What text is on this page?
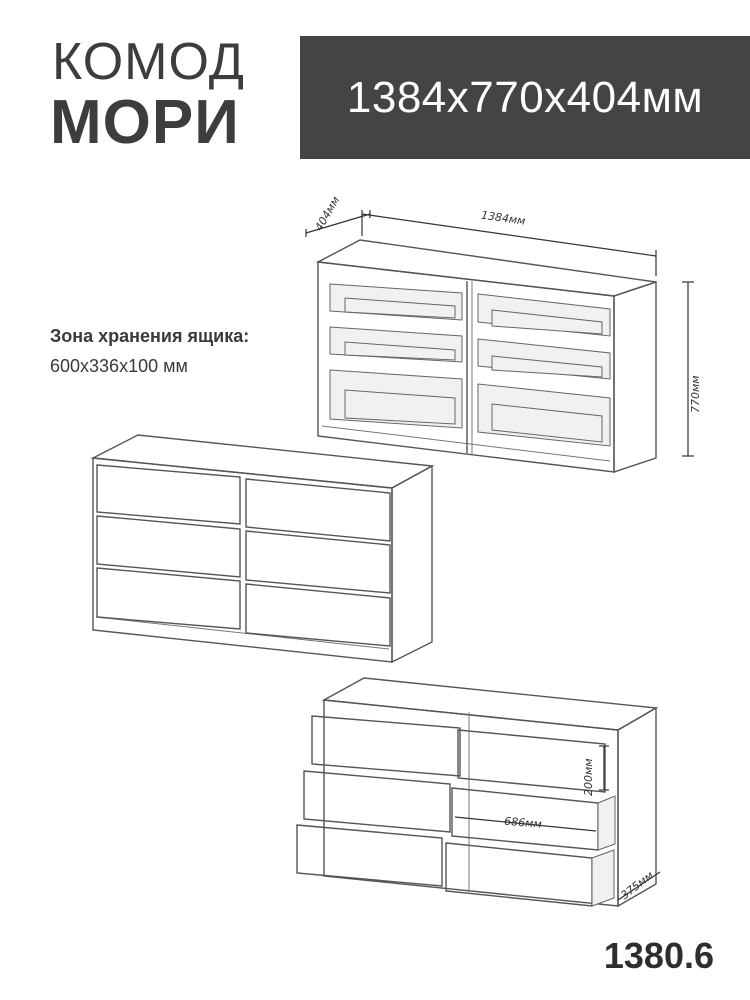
КОМОД
МОРИ 1384x770x404мм
Зона хранения ящика:
600x336x100 мм
404мм	1384мм
770мм
200мм
686мм
375мм
1380.6
